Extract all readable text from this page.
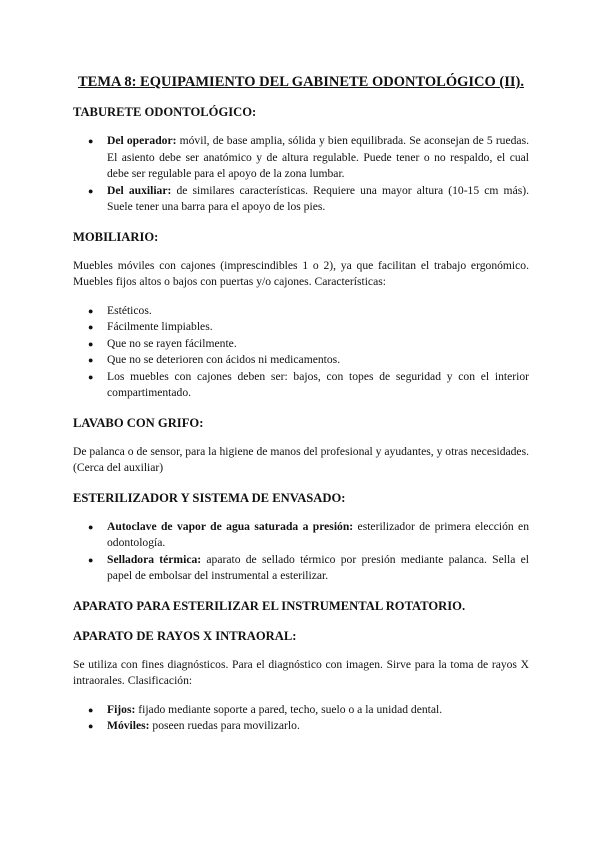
TEMA 8: EQUIPAMIENTO DEL GABINETE ODONTOLÓGICO (II).
TABURETE ODONTOLÓGICO:
● Del operador: móvil, de base amplia, sólida y bien equilibrada. Se aconsejan de 5 ruedas. El asiento debe ser anatómico y de altura regulable. Puede tener o no respaldo, el cual debe ser regulable para el apoyo de la zona lumbar.
● Del auxiliar: de similares características. Requiere una mayor altura (10-15 cm más). Suele tener una barra para el apoyo de los pies.
MOBILIARIO:

Muebles móviles con cajones (imprescindibles 1 o 2), ya que facilitan el trabajo ergonómico. Muebles fijos altos o bajos con puertas y/o cajones. Características:

● Estéticos.
● Fácilmente limpiables.
● Que no se rayen fácilmente.
● Que no se deterioren con ácidos ni medicamentos.
● Los muebles con cajones deben ser: bajos, con topes de seguridad y con el interior compartimentado.
LAVABO CON GRIFO:

De palanca o de sensor, para la higiene de manos del profesional y ayudantes, y otras necesidades. (Cerca del auxiliar)

ESTERILIZADOR Y SISTEMA DE ENVASADO:
● Autoclave de vapor de agua saturada a presión: esterilizador de primera elección en odontología.
● Selladora térmica: aparato de sellado térmico por presión mediante palanca. Sella el papel de embolsar del instrumental a esterilizar.
APARATO PARA ESTERILIZAR EL INSTRUMENTAL ROTATORIO.
APARATO DE RAYOS X INTRAORAL:

Se utiliza con fines diagnósticos. Para el diagnóstico con imagen. Sirve para la toma de rayos X intraorales. Clasificación:

● Fijos: fijado mediante soporte a pared, techo, suelo o a la unidad dental.
● Móviles: poseen ruedas para movilizarlo.
